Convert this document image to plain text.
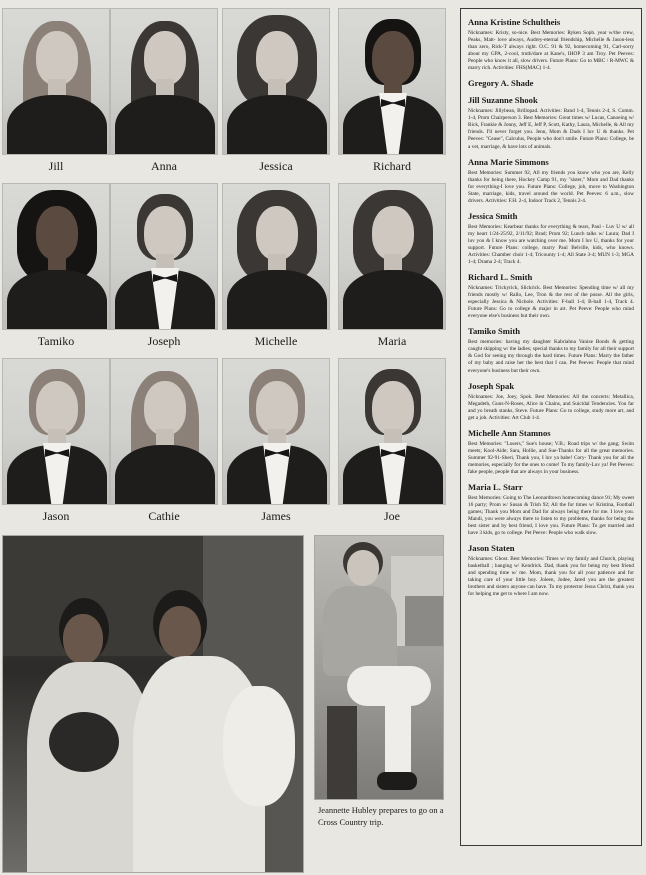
Jill	Anna	Jessica	Richard
Tamiko	Joseph	Michelle	Maria
Jason	Cathie	James	Joe
Jeannette Hubley prepares to go on a Cross Country trip.
Anna Kristine Schultheis
Nicknames: Kristy, so-nice. Best Memories: Ryken Soph. year w/the crew, Peaks, Matt- love always, Audrey-eternal friendship, Michelle & Jason-less than zero, Rick-T always right. O.C. 91 & 92, homecoming 91, Carl-sorry about my GPA, 2-cool, truth/dare at Kane's, IHOP 3 am Troy. Pet Peeves: People who know it all, slow drivers. Future Plans: Go to MBC / R-MWC & marry rich. Activities: FHS(MAC) 1-4.
Gregory A. Shade
Jill Suzanne Shook
Nicknames: Jillybean, Brillopad. Activities: Band 1-4, Tennis 2-4, S. Comm. 1-4, Prom Chairperson 3. Best Memories: Great times w/ Lucas, Canoeing w/ Rick, Frankie & Jonny, Jeff E, Jeff P, Scott, Kathy, Laura, Michelle, & All my friends. I'll never forget you. Jenn, Mom & Dads I luv U & thanks. Pet Peeves: "Cease", Calculus, People who don't smile. Future Plans: College, be a vet, marriage, & have lots of animals.
Anna Marie Simmons
Best Memories: Summer 92, All my friends you know who you are, Kelly thanks for being there, Hockey Camp 91, my "sister," Mom and Dad thanks for everything-I love you. Future Plans: College, job, move to Washington State, marriage, kids, travel around the world. Pet Peeves: 6 a.m., slow drivers. Activities: F.H. 2-4, Indoor Track 2, Tennis 2-4.
Jessica Smith
Best Memories: Kearbear thanks for everything & tears, Paul - Luv U w/ all my heart 1/24-25/92, 2/11/92; Brad; Prom 92; Lunch talks w/ Laura; Dad I luv you & I know you are watching over me. Mom I luv U, thanks for your support. Future Plans: college, marry Paul Belville, kids, who knows. Activities: Chamber choir 1-4; Tricounty 1-4; All State 3-4; MUN 1-3; MGA 1-4; Drama 2-4; Track 4.
Richard L. Smith
Nicknames: Trickyrick, Slickrick. Best Memories: Spending time w/ all my friends mostly w/ Rallo, Lee, Tron & the rest of the posse. All the girls, especially Jessica & Nichole. Activities: F-ball 1-4; B-ball 1-4, Track 4. Future Plans: Go to college & major in art. Pet Peeve: People who mind everyone else's business but their own.
Tamiko Smith
Best memories: having my daughter Kabriahna Vanise Bonds & getting caught skipping w/ the ladies; special thanks to my family for all their support & God for seeing my through the hard times. Future Plans: Marry the father of my baby and raise her the best that I can. Pet Peeves: People that mind everyone's business but their own.
Joseph Spak
Nicknames: Joe, Joey, Spok. Best Memories: All the concerts: Metallica, Megadeth, Guns-N-Roses, Alice in Chains, and Suicidal Tendencies. You far and yo breath stanks, Steve. Future Plans: Go to college, study more art, and get a job. Activities: Art Club 1-4.
Michelle Ann Stamnos
Best Memories: "Losers," Sue's house; V.B.; Road trips w/ the gang; Swim meets; Kool-Aide; Sara, Hollie, and Sue-Thanks for all the great memories. Summer 92-91-Sheri, Thank you, I luv ya babe! Cory- Thank you for all the memories, especially for the ones to come! To my family-Luv ya! Pet Peeves: fake people, people that are always in your business.
Maria L. Starr
Best Memories: Going to The Leonardtown homecoming dance 91; My sweet 16 party; Prom w/ Susan & Trish 92; All the for times w/ Kristina, Football games; Thank you Mom and Dad for always being there for me. I love you. Mandi, you were always there to listen to my problems, thanks for being the best sister and by best friend, I love you. Future Plans: To get married and have 3 kids, go to college. Pet Peeve: People who walk slow.
Jason Staten
Nicknames: Ghost. Best Memories: Times w/ my family and Church, playing basketball ; hanging w/ Kendrick. Dad, thank you for being my best friend and spending time w/ me. Mom, thank you for all your patience and for taking care of your little boy. Joleen, Jodee, Jared you are the greatest brothers and sisters anyone can have. To my protector Jesus Christ, thank you for helping me get to where I am now.
